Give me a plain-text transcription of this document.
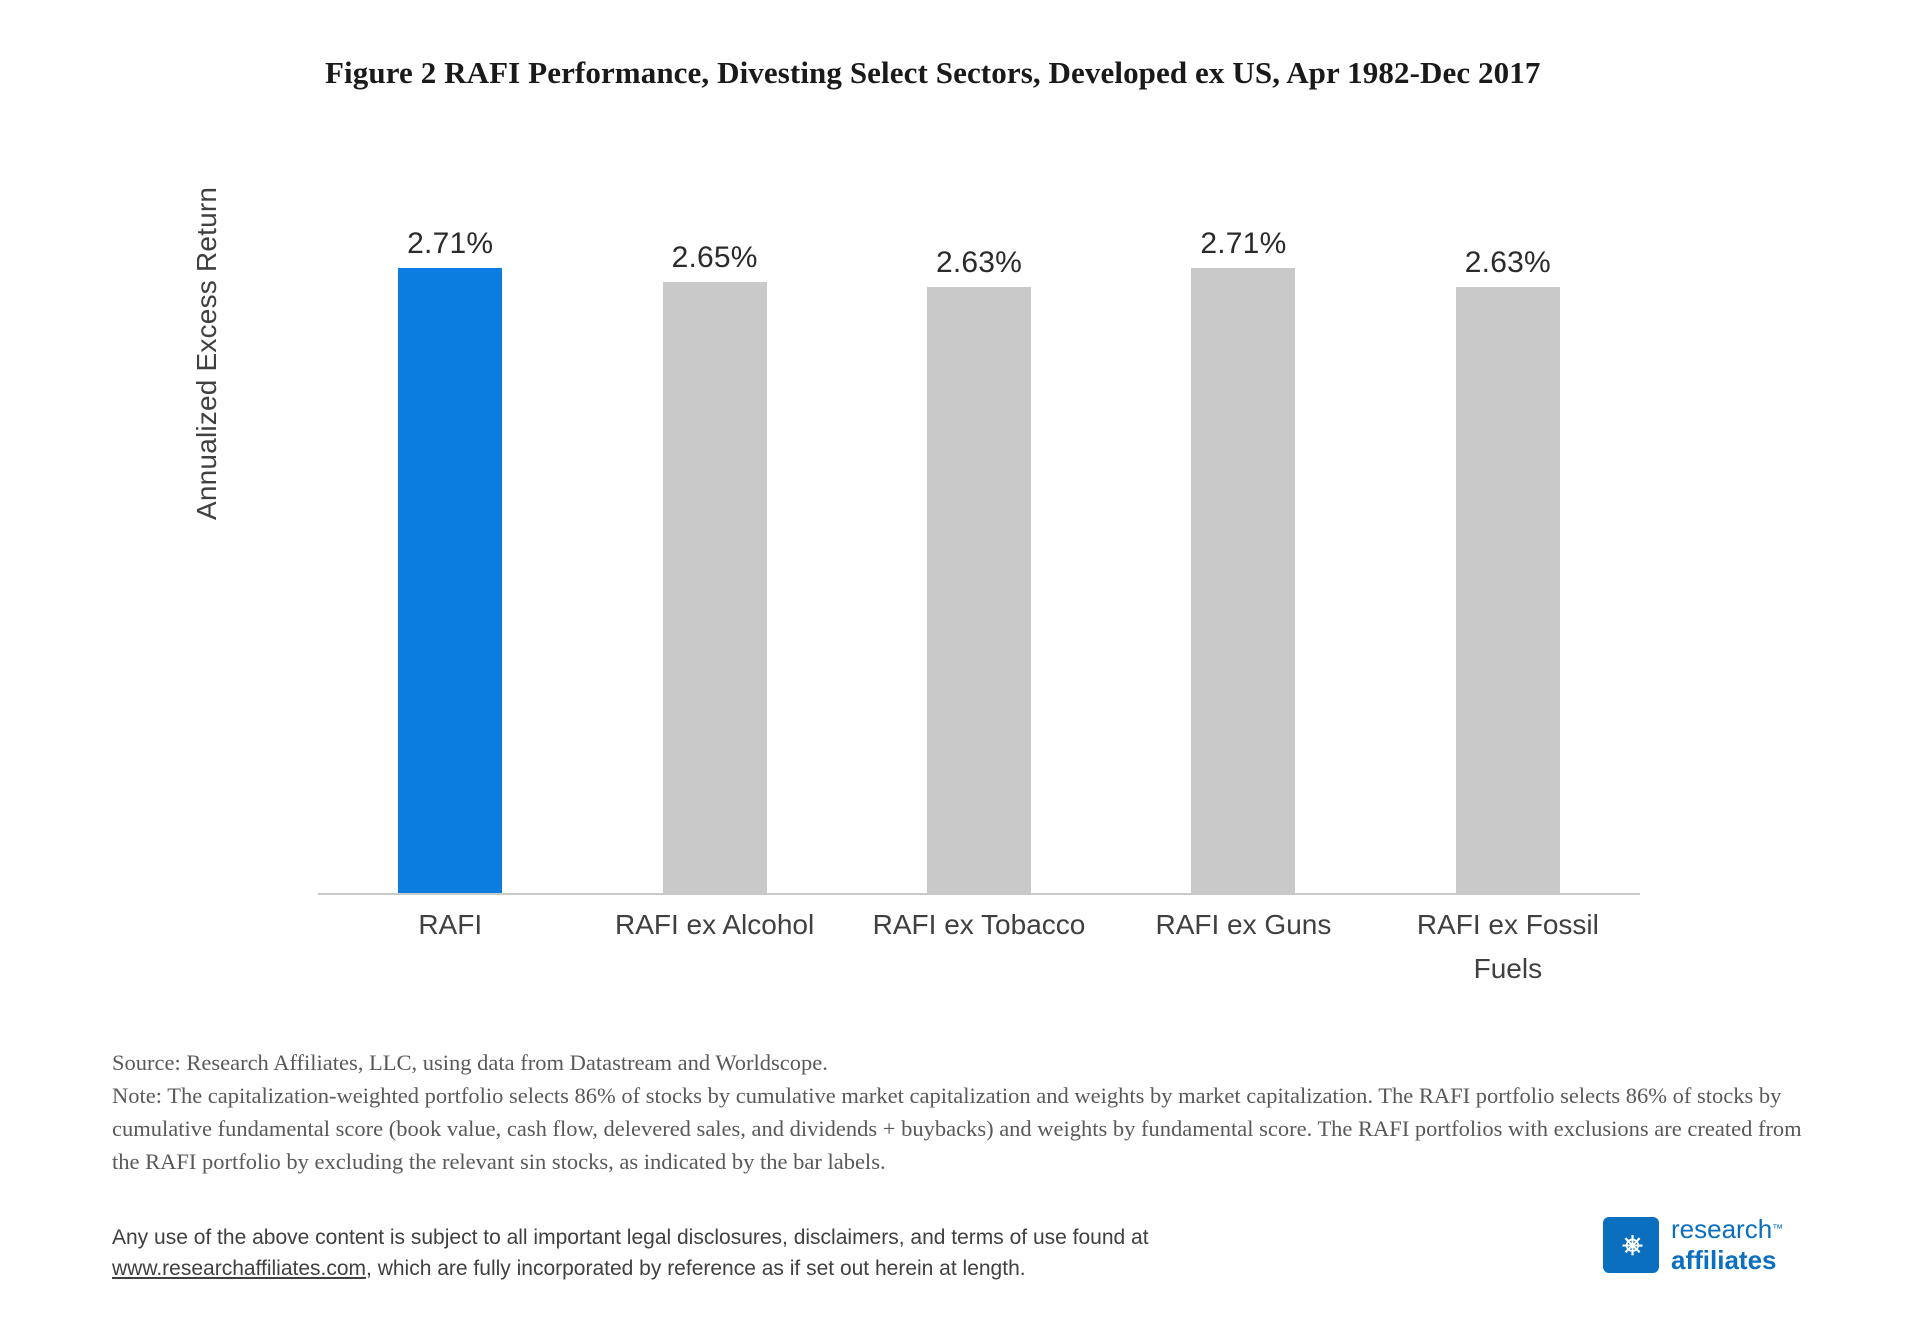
Figure 2 RAFI Performance, Divesting Select Sectors, Developed ex US, Apr 1982-Dec 2017
Annualized Excess Return	2.71%	2.65%	2.63%
2.71%
2.63%
RAFI	RAFI ex Alcohol	RAFI ex Tobacco	RAFI ex Guns	RAFI ex Fossil Fuels

Source: Research Affiliates, LLC, using data from Datastream and Worldscope.

Note: The capitalization-weighted portfolio selects 86% of stocks by cumulative market capitalization and weights by market capitalization. The RAFI portfolio selects 86% of stocks by cumulative fundamental score (book value, cash flow, delevered sales, and dividends + buybacks) and weights by fundamental score. The RAFI portfolios with exclusions are created from the RAFI portfolio by excluding the relevant sin stocks, as indicated by the bar labels.

Any use of the above content is subject to all important legal disclosures, disclaimers, and terms of use found at
www.researchaffiliates.com, which are fully incorporated by reference as if set out herein at length.
⎈	research™
affiliates
